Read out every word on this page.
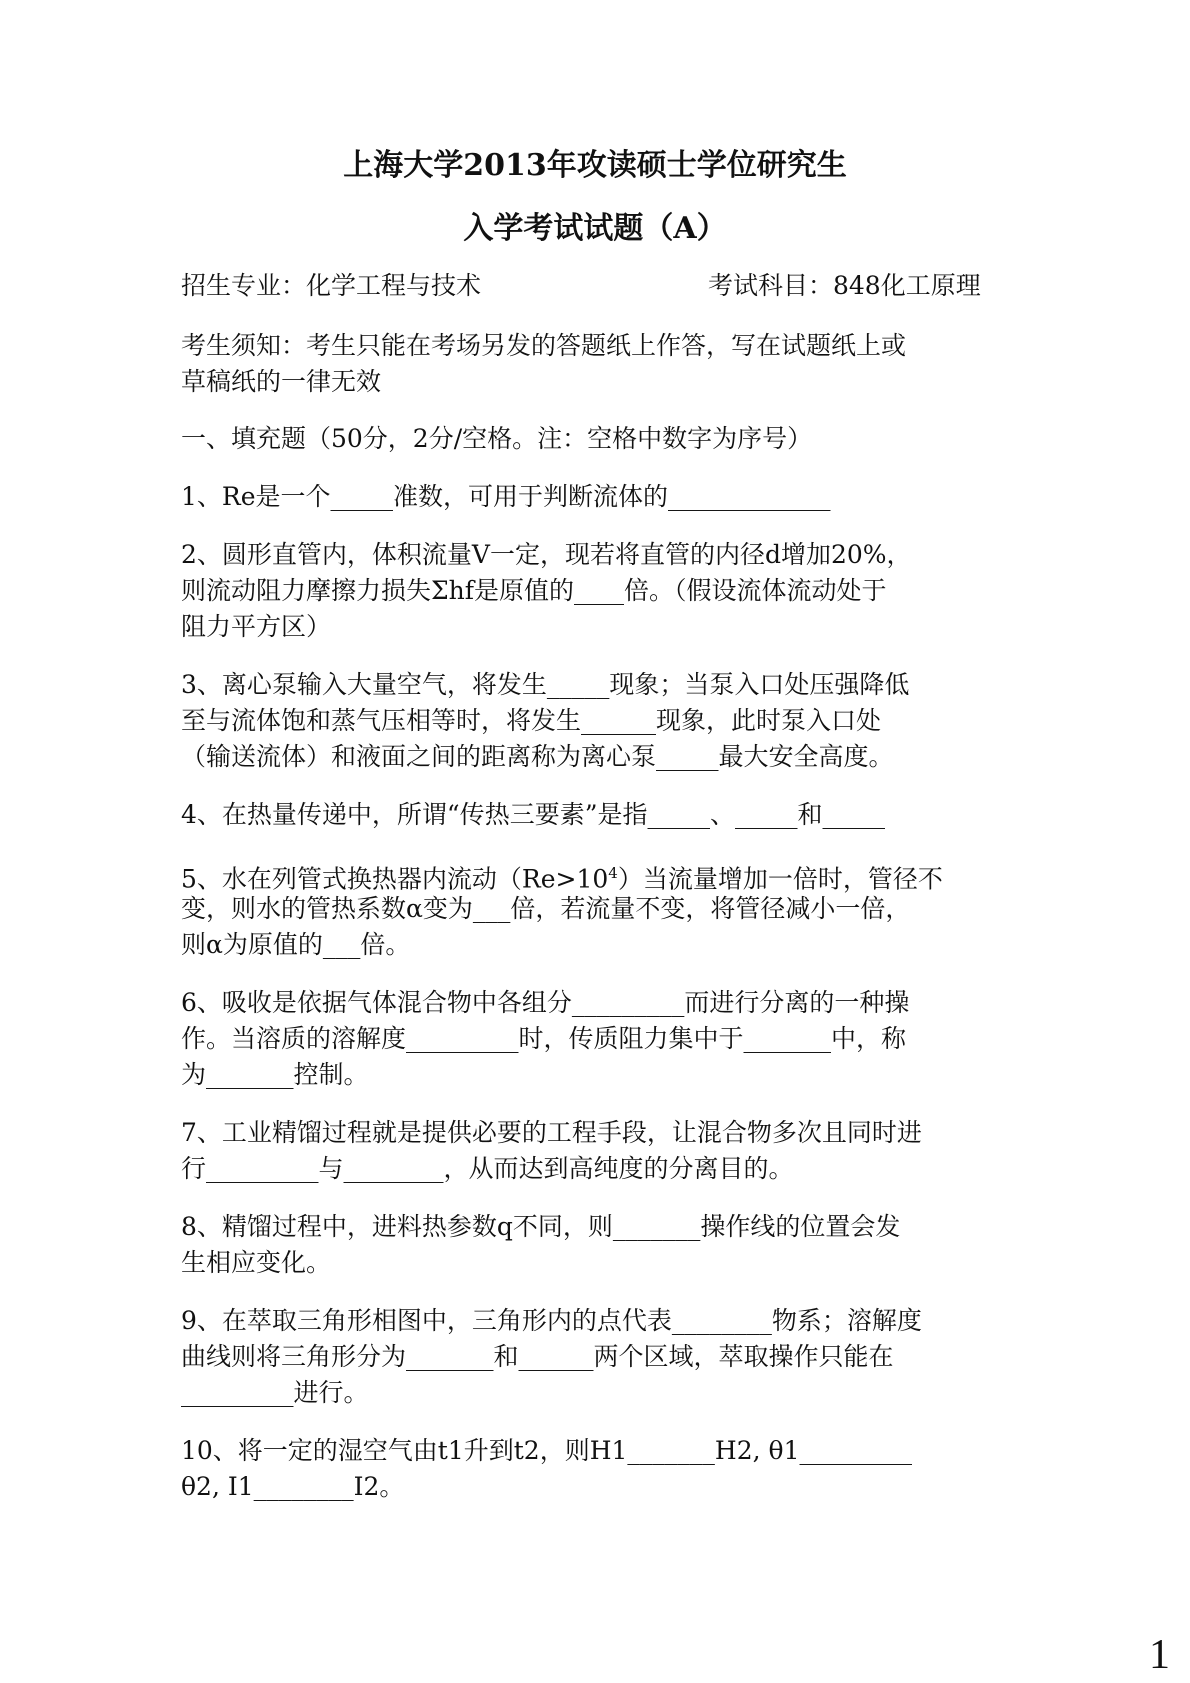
上海大学2013年攻读硕士学位研究生
入学考试试题（A）
招生专业：化学工程与技术	考试科目：848化工原理
考生须知：考生只能在考场另发的答题纸上作答，写在试题纸上或
草稿纸的一律无效
一、填充题（50分，2分/空格。注：空格中数字为序号）
1、Re是一个_____准数，可用于判断流体的_____________
2、圆形直管内，体积流量V一定，现若将直管的内径d增加20%，
则流动阻力摩擦力损失Σhf是原值的____倍。（假设流体流动处于
阻力平方区）
3、离心泵输入大量空气，将发生_____现象；当泵入口处压强降低
至与流体饱和蒸气压相等时，将发生______现象，此时泵入口处
（输送流体）和液面之间的距离称为离心泵_____最大安全高度。
4、在热量传递中，所谓“传热三要素”是指_____、_____和_____
5、水在列管式换热器内流动$(Re>10^4)$当流量增加一倍时，管径不
变，则水的管热系数α变为___倍，若流量不变，将管径减小一倍，
则α为原值的___倍。
6、吸收是依据气体混合物中各组分_________而进行分离的一种操
作。当溶质的溶解度_________时，传质阻力集中于_______中，称
为_______控制。
7、工业精馏过程就是提供必要的工程手段，让混合物多次且同时进
行_________与________，从而达到高纯度的分离目的。
8、精馏过程中，进料热参数q不同，则_______操作线的位置会发
生相应变化。
9、在萃取三角形相图中，三角形内的点代表________物系；溶解度
曲线则将三角形分为_______和______两个区域，萃取操作只能在
_________进行。
10、将一定的湿空气由t1升到t2，则H1_______H2, θ1_________
θ2, I1________I2。
1
